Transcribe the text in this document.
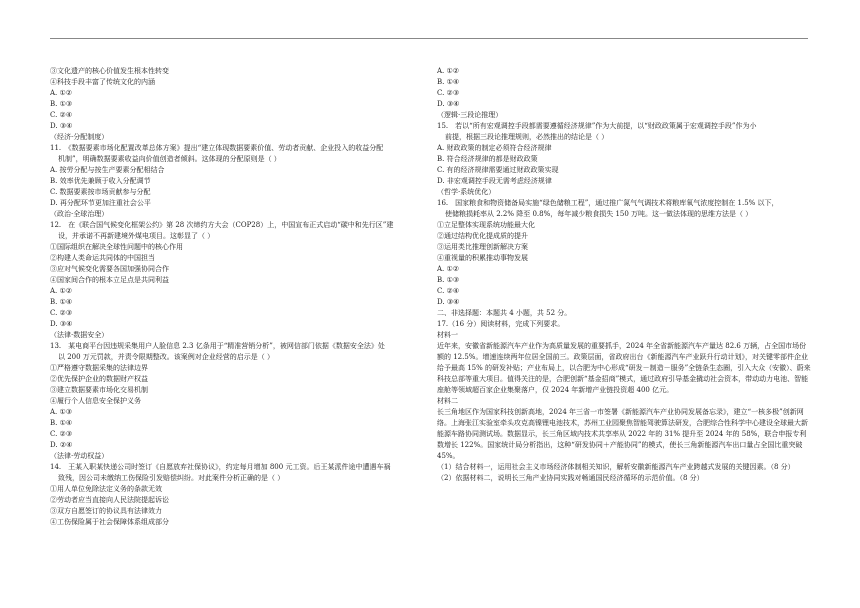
③文化遗产的核心价值发生根本性转变
④科技手段丰富了传统文化的内涵
A. ①②
B. ①③
C. ②④
D. ③④
（经济·分配制度）
11.　《数据要素市场化配置改革总体方案》提出“建立体现数据要素价值、劳动者贡献、企业投入的收益分配
机制”，明确数据要素收益向价值创造者倾斜。这体现的分配原则是（ ）
A. 按劳分配与按生产要素分配相结合
B. 效率优先兼顾于收入分配调节
C. 数据要素按市场贡献参与分配
D. 再分配环节更加注重社会公平
（政治·全球治理）
12.　在《联合国气候变化框架公约》第 28 次缔约方大会（COP28）上，中国宣布正式启动“碳中和先行区”建
设，并承诺不再新建境外煤电项目。这彰显了（ ）
①国际组织在解决全球性问题中的核心作用
②构建人类命运共同体的中国担当
③应对气候变化需要各国加强协同合作
④国家间合作的根本立足点是共同利益
A. ①②
B. ①④
C. ②③
D. ③④
（法律·数据安全）
13.　某电商平台因违规采集用户人脸信息 2.3 亿条用于“精准营销分析”，被网信部门依据《数据安全法》处
以 200 万元罚款，并责令限期整改。该案例对企业经营的启示是（ ）
①严格遵守数据采集的法律边界
②优先保护企业的数据财产权益
③建立数据要素市场化交易机制
④履行个人信息安全保护义务
A. ①③
B. ①④
C. ②③
D. ②④
（法律·劳动权益）
14.　王某入职某快递公司时签订《自愿放弃社保协议》，约定每月增加 800 元工资。后王某派件途中遭遇车祸
致残，因公司未缴纳工伤保险引发赔偿纠纷。对此案件分析正确的是（ ）
①用人单位免除法定义务的条款无效
②劳动者应当直接向人民法院提起诉讼
③双方自愿签订的协议具有法律效力
④工伤保险属于社会保障体系组成部分
A. ①②
B. ①④
C. ②③
D. ③④
（逻辑·三段论推理）
15.　若以“所有宏观调控手段都需要遵循经济规律”作为大前提，以“财政政策属于宏观调控手段”作为小
前提，根据三段论推理规则，必然推出的结论是（ ）
A. 财政政策的制定必须符合经济规律
B. 符合经济规律的都是财政政策
C. 有的经济规律需要通过财政政策实现
D. 非宏观调控手段无需考虑经济规律
（哲学·系统优化）
16.　国家粮食和物资储备局实施“绿色储粮工程”，通过推广氮气气调技术将粮库氧气浓度控制在 1.5% 以下，
使储粮损耗率从 2.2% 降至 0.8%，每年减少粮食损失 150 万吨。这一做法体现的思维方法是（ ）
①立足整体实现系统功能最大化
②通过结构优化提成质的提升
③运用类比推理创新解决方案
④重视量的积累推动事物发展
A. ①②
B. ①③
C. ②④
D. ③④
二、非选择题：本题共 4 小题，共 52 分。
17.（16 分）阅读材料，完成下列要求。
材料一
近年来，安徽省新能源汽车产业作为高质量发展的重要抓手，2024 年全省新能源汽车产量达 82.6 万辆，占全国市场份额的 12.5%。增速连续两年位居全国前三。政策层面，省政府出台《新能源汽车产业跃升行动计划》，对关键零部件企业给予最高 15% 的研发补贴；产业布局上，以合肥为中心形成“研发－制造－服务”全链条生态圈，引入大众（安徽）、蔚来科技总部等重大项目。值得关注的是，合肥创新“基金招商”模式，通过政府引导基金撬动社会资本，带动动力电池、智能座舱等领域超百家企业集聚落户，仅 2024 年新增产业链投资超 400 亿元。
材料二
长三角地区作为国家科技创新高地，2024 年三省一市签署《新能源汽车产业协同发展备忘录》，建立“一核多极”创新网络。上海张江实验室牵头攻克高镍锂电池技术，苏州工业园聚焦智能驾驶算法研发，合肥综合性科学中心建设全球最大新能源车路协同测试场。数据显示，长三角区域内技术共享率从 2022 年的 31% 提升至 2024 年的 58%，联合申报专利数增长 122%。国家统计局分析指出，这种“研发协同＋产能协同”的模式，使长三角新能源汽车出口量占全国比重突破 45%。
（1）结合材料一，运用社会主义市场经济体制相关知识，解析安徽新能源汽车产业跨越式发展的关键因素。（8 分）
（2）依据材料二，说明长三角产业协同实践对畅通国民经济循环的示范价值。（8 分）
